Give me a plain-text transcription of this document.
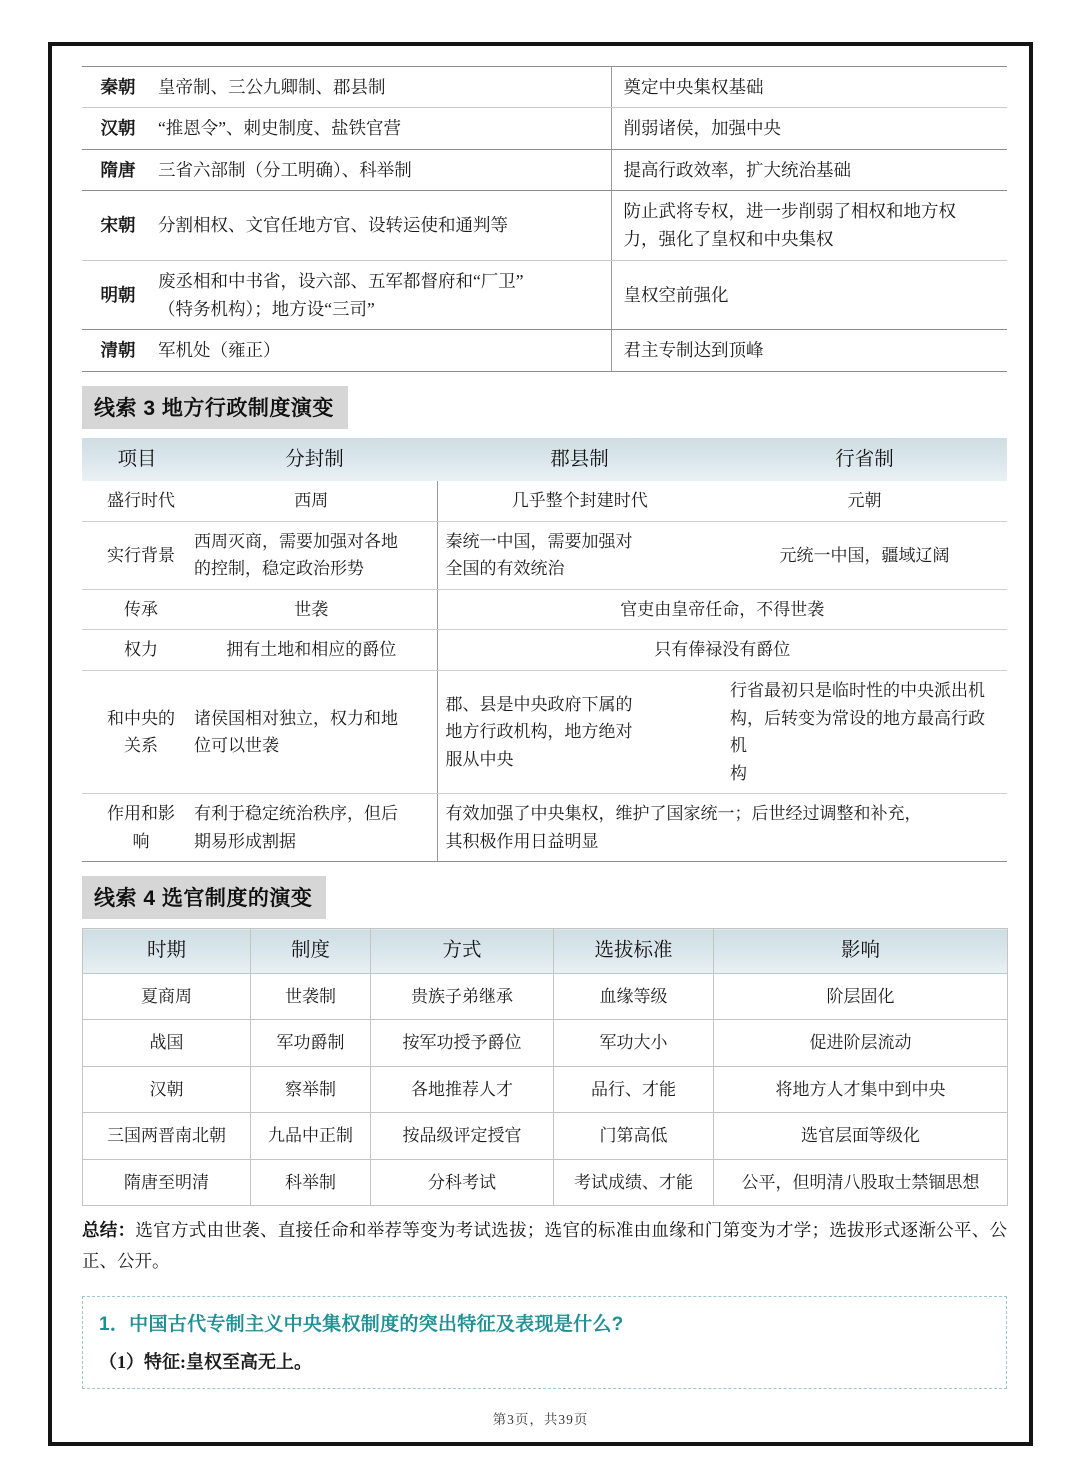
秦朝	皇帝制、三公九卿制、郡县制	奠定中央集权基础

汉朝	“推恩令”、刺史制度、盐铁官营	削弱诸侯，加强中央

隋唐	三省六部制（分工明确）、科举制	提高行政效率，扩大统治基础

宋朝	分割相权、文官任地方官、设转运使和通判等	防止武将专权，进一步削弱了相权和地方权
力，强化了皇权和中央集权

明朝	废丞相和中书省，设六部、五军都督府和“厂卫”
（特务机构）；地方设“三司”	皇权空前强化

清朝	军机处（雍正）	君主专制达到顶峰
线索 3 地方行政制度演变
项目	分封制	郡县制	行省制
盛行时代	西周	几乎整个封建时代	元朝

实行背景	西周灭商，需要加强对各地
的控制，稳定政治形势	秦统一中国，需要加强对
全国的有效统治	元统一中国，疆域辽阔

传承	世袭	官吏由皇帝任命，不得世袭	

权力	拥有土地和相应的爵位	只有俸禄没有爵位	

和中央的
关系	诸侯国相对独立，权力和地
位可以世袭	郡、县是中央政府下属的
地方行政机构，地方绝对
服从中央	行省最初只是临时性的中央派出机
构，后转变为常设的地方最高行政机
构

作用和影
响	有利于稳定统治秩序，但后
期易形成割据	有效加强了中央集权，维护了国家统一；后世经过调整和补充，
其积极作用日益明显	
线索 4 选官制度的演变
时期	制度	方式	选拔标准	影响
夏商周	世袭制	贵族子弟继承	血缘等级	阶层固化
战国	军功爵制	按军功授予爵位	军功大小	促进阶层流动
汉朝	察举制	各地推荐人才	品行、才能	将地方人才集中到中央
三国两晋南北朝	九品中正制	按品级评定授官	门第高低	选官层面等级化
隋唐至明清	科举制	分科考试	考试成绩、才能	公平，但明清八股取士禁锢思想

总结：选官方式由世袭、直接任命和举荐等变为考试选拔；选官的标准由血缘和门第变为才学；选拔形式逐渐公平、公正、公开。

1．中国古代专制主义中央集权制度的突出特征及表现是什么?
（1）特征:皇权至高无上。
第3页，共39页
